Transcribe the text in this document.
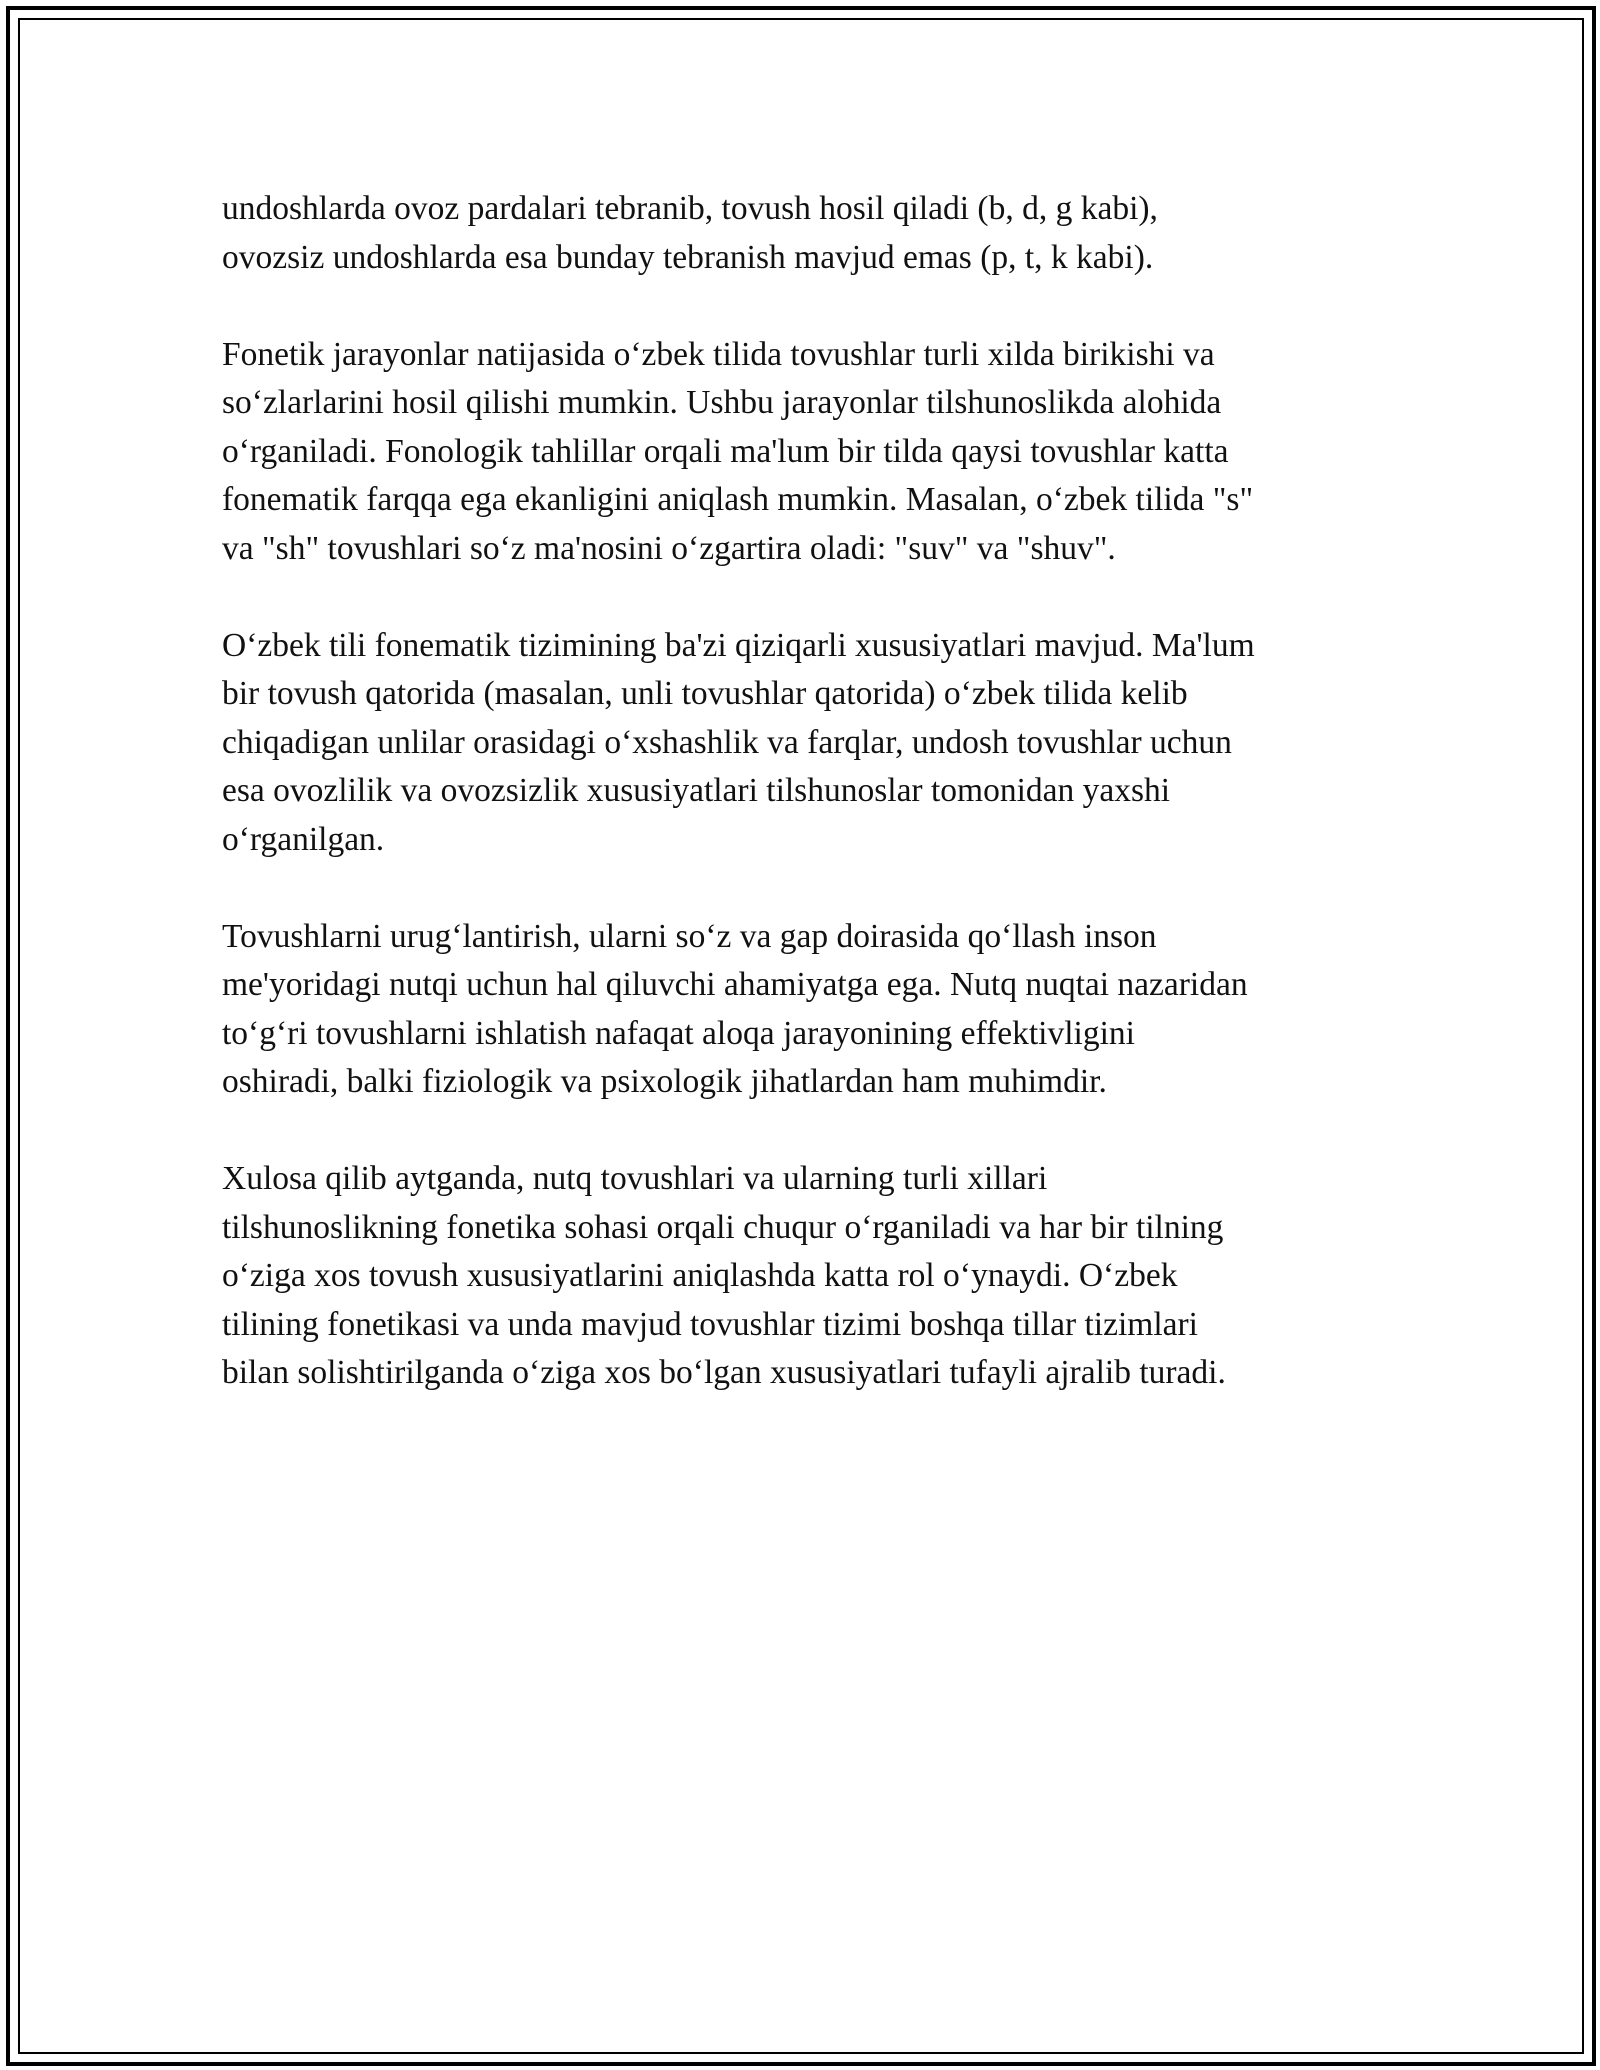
undoshlarda ovoz pardalari tebranib, tovush hosil qiladi (b, d, g kabi),
ovozsiz undoshlarda esa bunday tebranish mavjud emas (p, t, k kabi).

Fonetik jarayonlar natijasida oʻzbek tilida tovushlar turli xilda birikishi va
soʻzlarlarini hosil qilishi mumkin. Ushbu jarayonlar tilshunoslikda alohida
oʻrganiladi. Fonologik tahlillar orqali ma'lum bir tilda qaysi tovushlar katta
fonematik farqqa ega ekanligini aniqlash mumkin. Masalan, oʻzbek tilida "s"
va "sh" tovushlari soʻz ma'nosini oʻzgartira oladi: "suv" va "shuv".

Oʻzbek tili fonematik tizimining ba'zi qiziqarli xususiyatlari mavjud. Ma'lum
bir tovush qatorida (masalan, unli tovushlar qatorida) oʻzbek tilida kelib
chiqadigan unlilar orasidagi oʻxshashlik va farqlar, undosh tovushlar uchun
esa ovozlilik va ovozsizlik xususiyatlari tilshunoslar tomonidan yaxshi
oʻrganilgan.

Tovushlarni urugʻlantirish, ularni soʻz va gap doirasida qoʻllash inson
me'yoridagi nutqi uchun hal qiluvchi ahamiyatga ega. Nutq nuqtai nazaridan
toʻgʻri tovushlarni ishlatish nafaqat aloqa jarayonining effektivligini
oshiradi, balki fiziologik va psixologik jihatlardan ham muhimdir.

Xulosa qilib aytganda, nutq tovushlari va ularning turli xillari
tilshunoslikning fonetika sohasi orqali chuqur oʻrganiladi va har bir tilning
oʻziga xos tovush xususiyatlarini aniqlashda katta rol oʻynaydi. Oʻzbek
tilining fonetikasi va unda mavjud tovushlar tizimi boshqa tillar tizimlari
bilan solishtirilganda oʻziga xos boʻlgan xususiyatlari tufayli ajralib turadi.
